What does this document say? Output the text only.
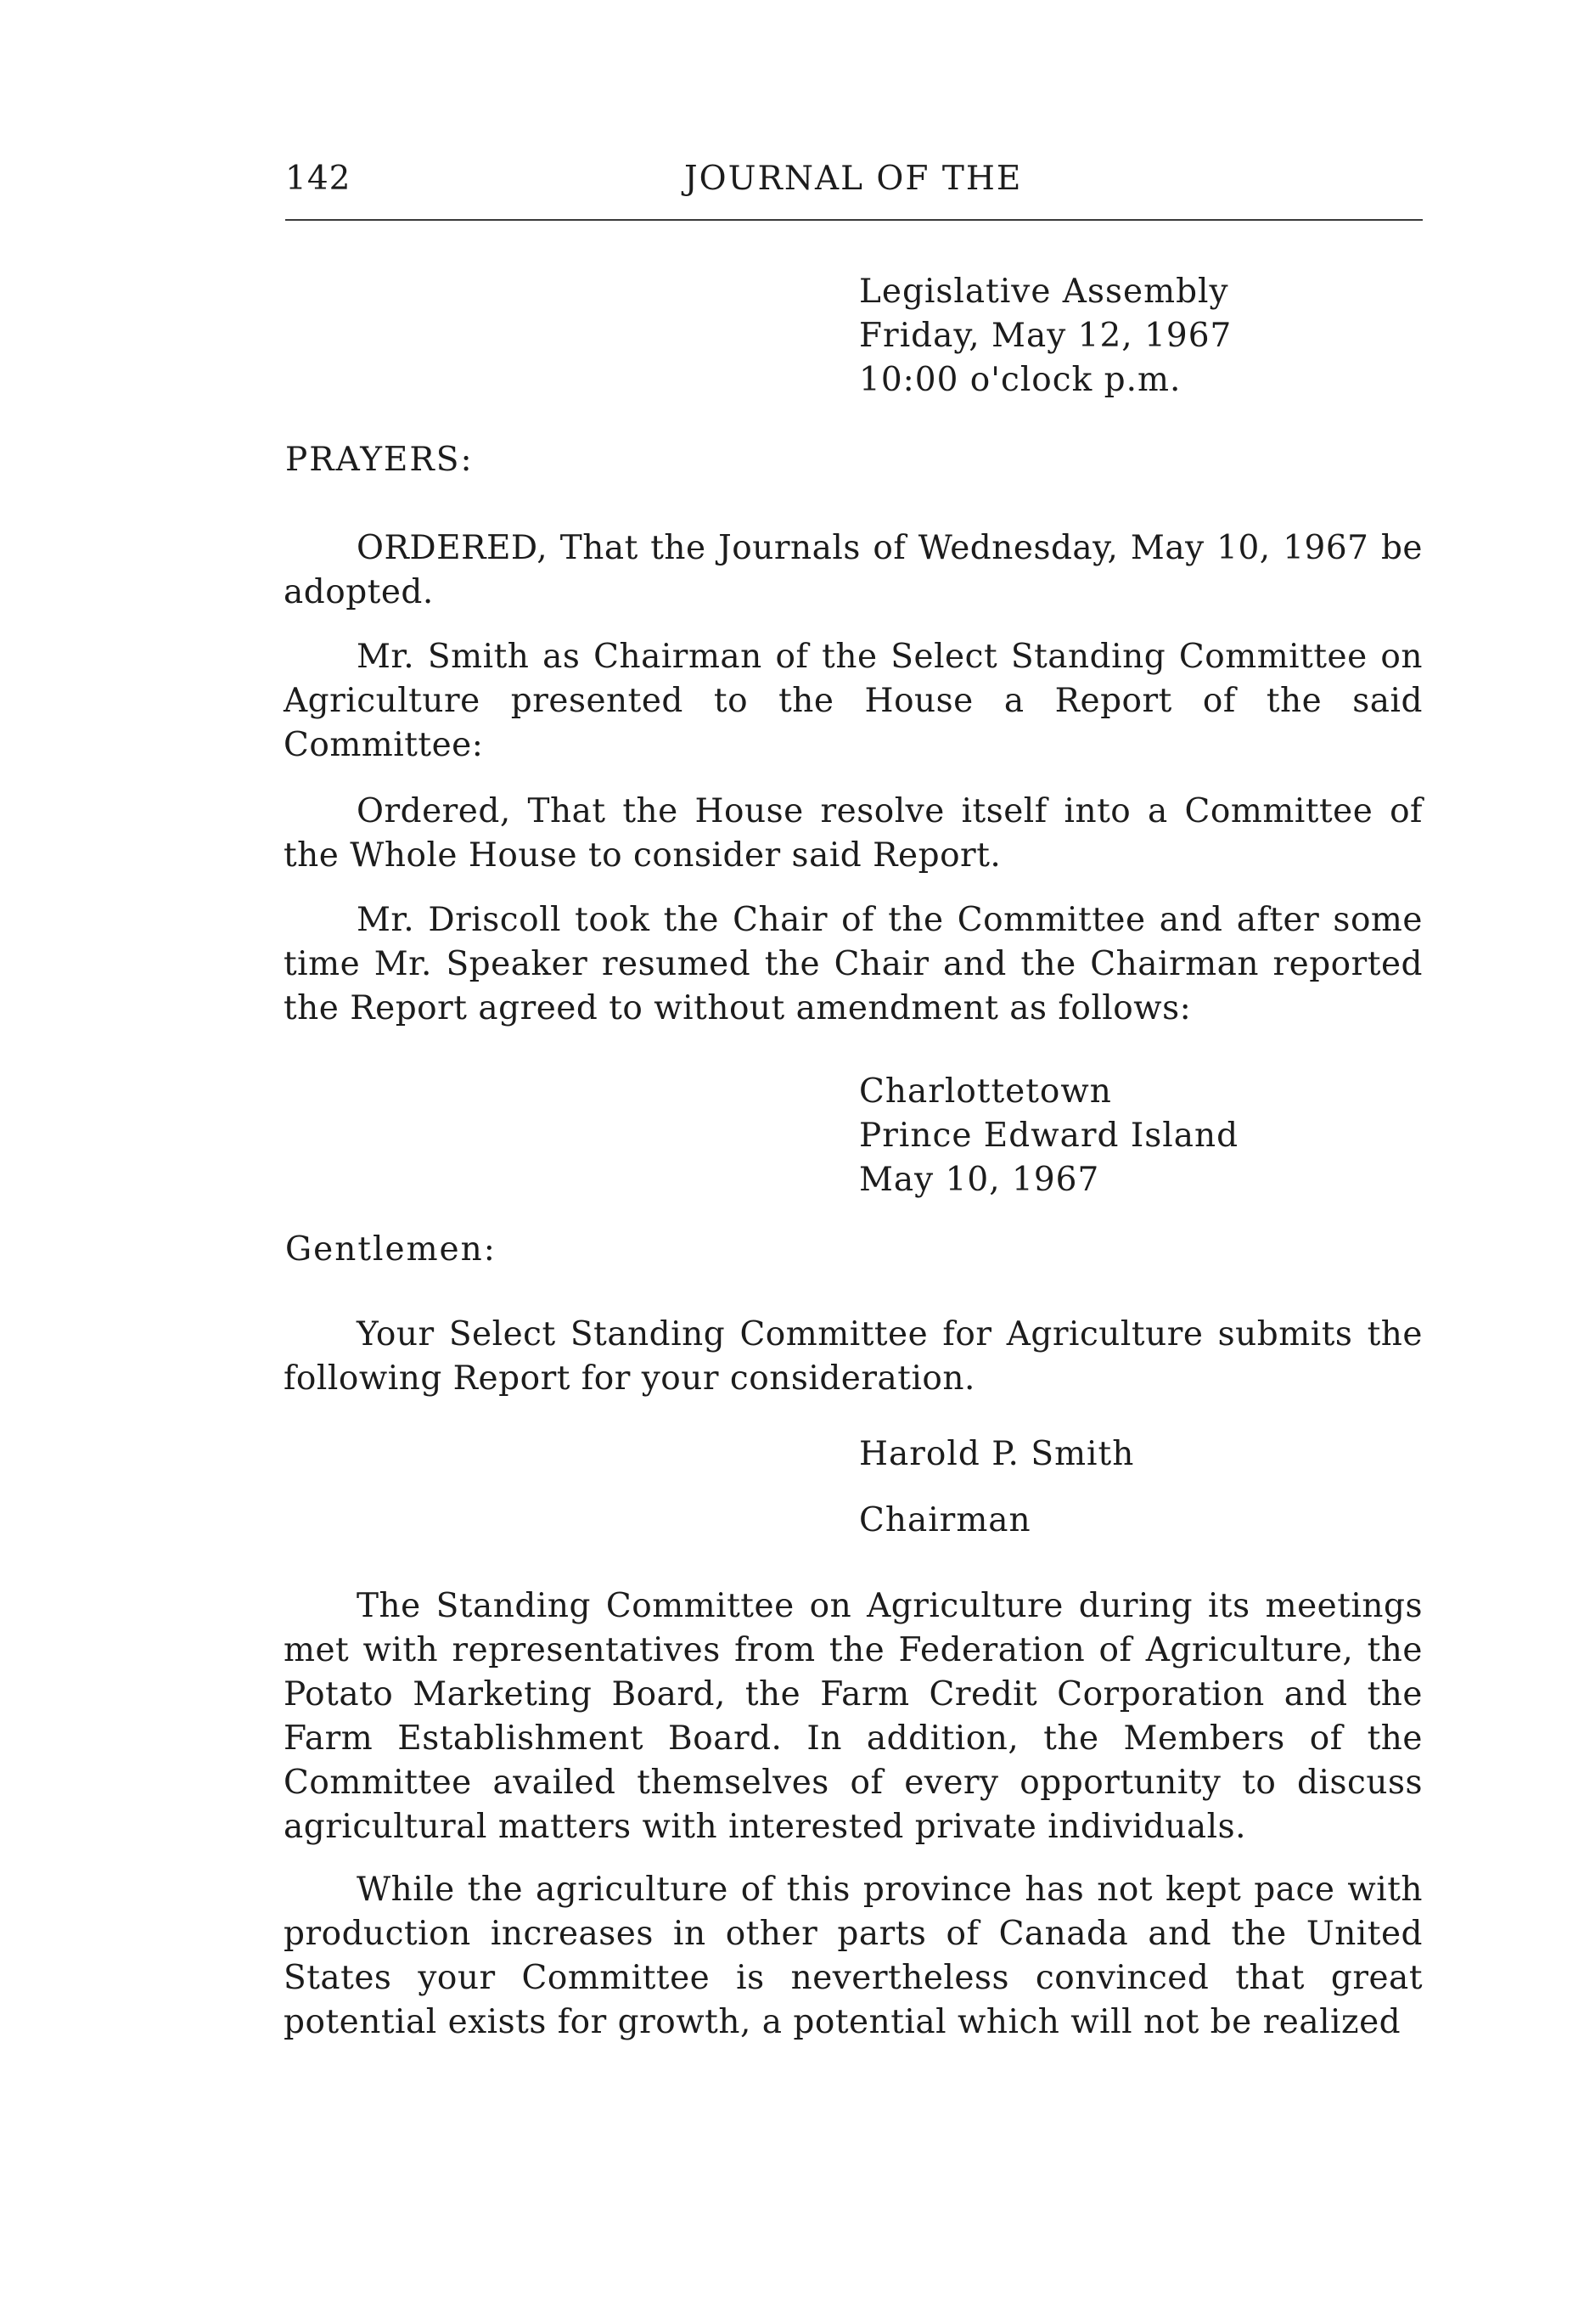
142	JOURNAL OF THE
Legislative Assembly
Friday, May 12, 1967
10:00 o'clock p.m.
PRAYERS:
ORDERED, That the Journals of Wednesday, May 10, 1967 be adopted.
Mr. Smith as Chairman of the Select Standing Committee on Agriculture presented to the House a Report of the said Committee:
Ordered, That the House resolve itself into a Committee of the Whole House to consider said Report.
Mr. Driscoll took the Chair of the Committee and after some time Mr. Speaker resumed the Chair and the Chairman reported the Report agreed to without amendment as follows:
Charlottetown
Prince Edward Island
May 10, 1967
Gentlemen:
Your Select Standing Committee for Agriculture submits the following Report for your consideration.
Harold P. Smith
Chairman
The Standing Committee on Agriculture during its meetings met with representatives from the Federation of Agriculture, the Potato Marketing Board, the Farm Credit Corporation and the Farm Establishment Board. In addition, the Members of the Committee availed themselves of every opportunity to discuss agricultural matters with interested private individuals.
While the agriculture of this province has not kept pace with production increases in other parts of Canada and the United States your Committee is nevertheless convinced that great potential exists for growth, a potential which will not be realized
